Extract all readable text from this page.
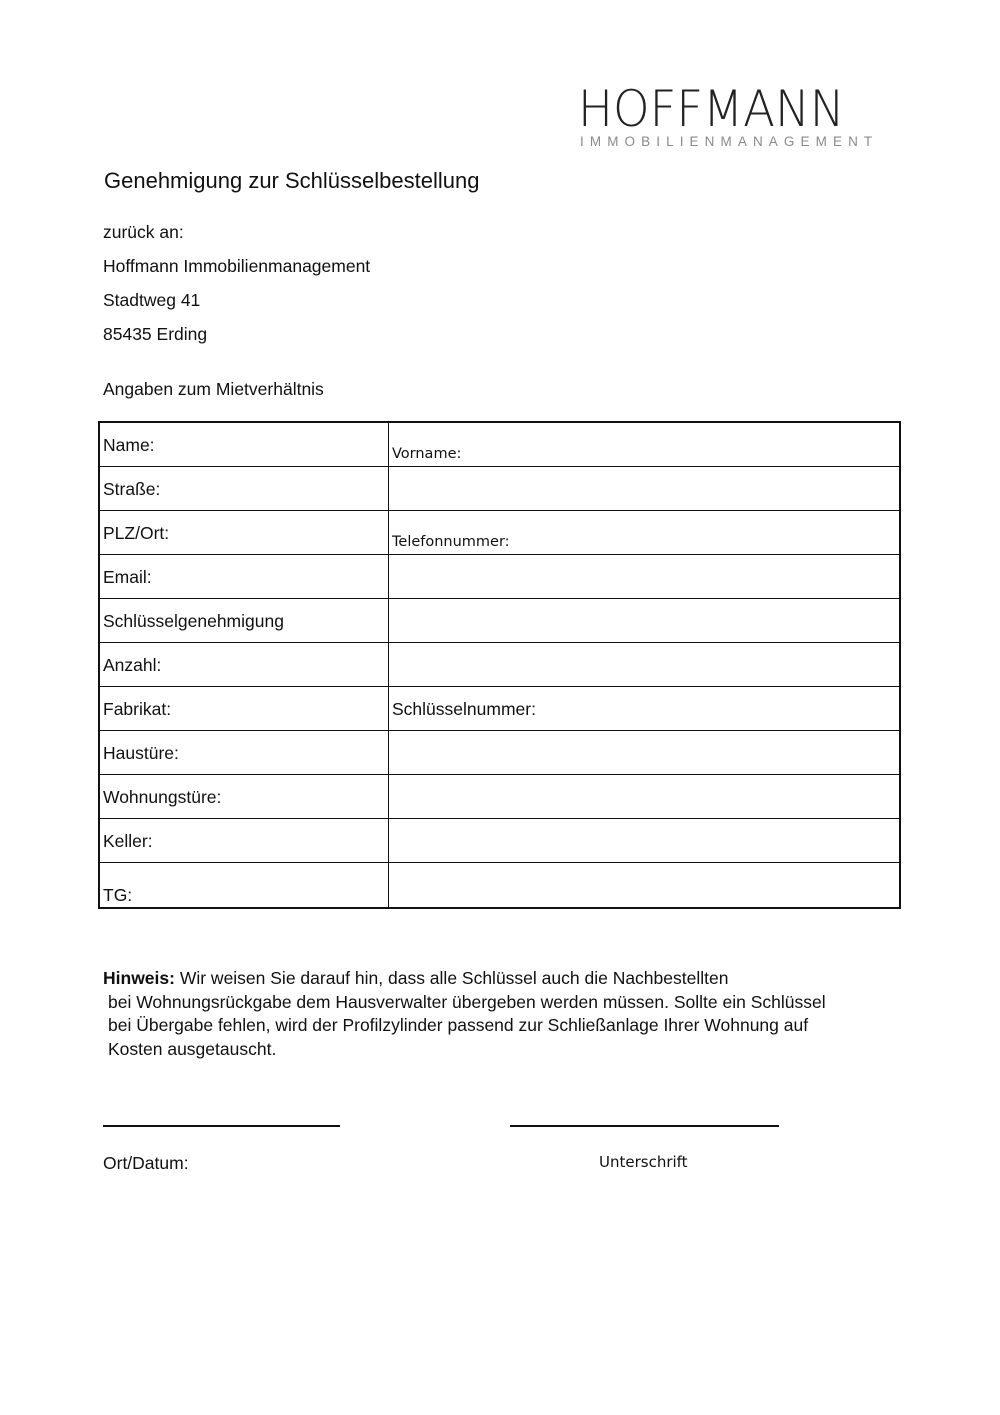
HOFFMANN
IMMOBILIENMANAGEMENT
Genehmigung zur Schlüsselbestellung
zurück an:
Hoffmann Immobilienmanagement
Stadtweg 41
85435 Erding
Angaben zum Mietverhältnis
Name:	Vorname:
Straße:
PLZ/Ort:	Telefonnummer:
Email:
Schlüsselgenehmigung
Anzahl:
Fabrikat:	Schlüsselnummer:
Haustüre:
Wohnungstüre:
Keller:
TG:
Hinweis: Wir weisen Sie darauf hin, dass alle Schlüssel auch die Nachbestellten
bei Wohnungsrückgabe dem Hausverwalter übergeben werden müssen. Sollte ein Schlüssel
bei Übergabe fehlen, wird der Profilzylinder passend zur Schließanlage Ihrer Wohnung auf
Kosten ausgetauscht.
Ort/Datum:	Unterschrift
